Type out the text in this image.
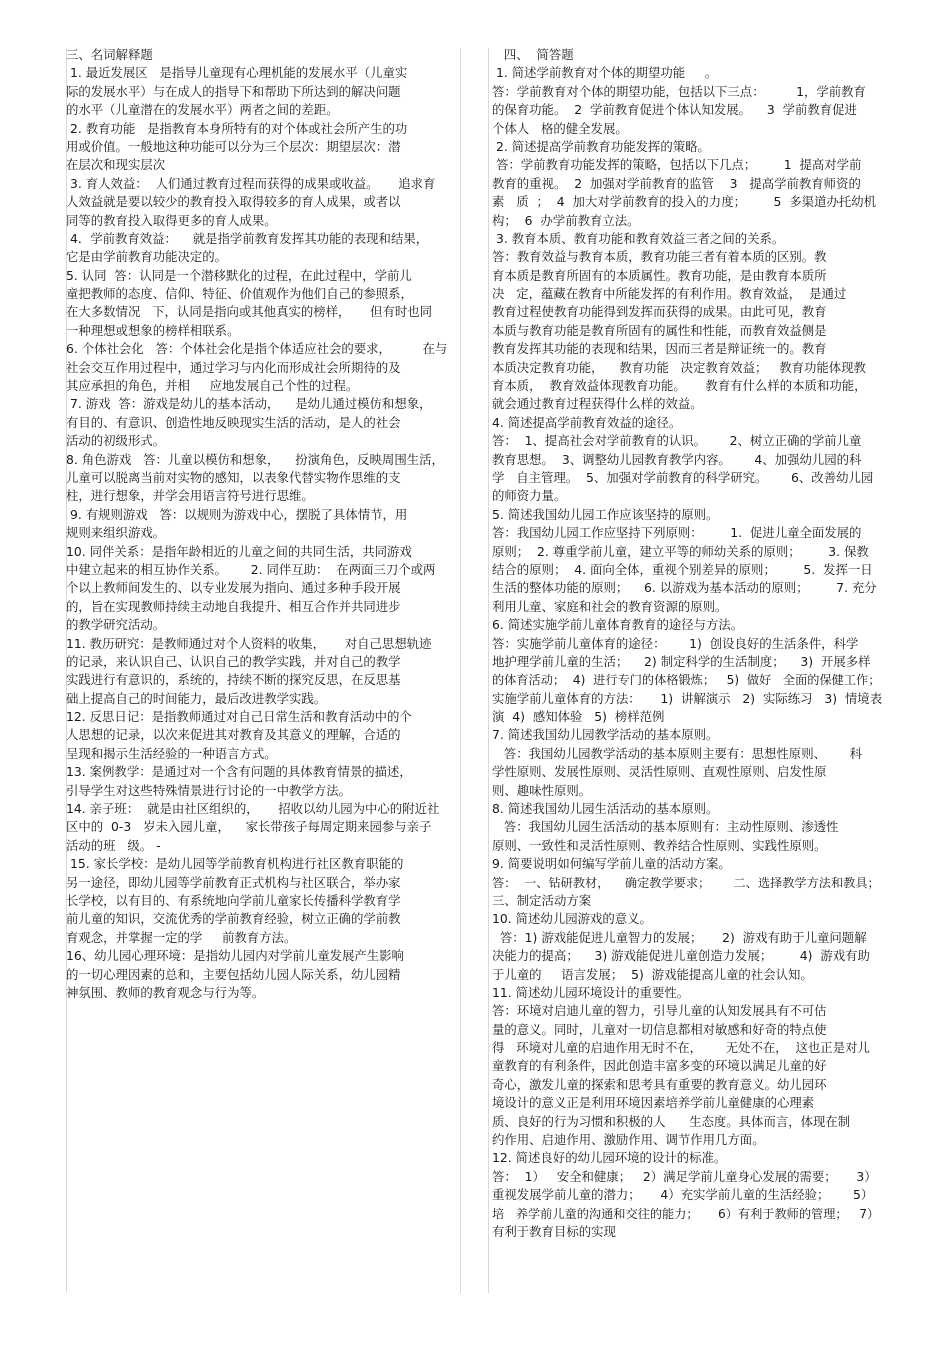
三、名词解释题
1. 最近发展区   是指导儿童现有心理机能的发展水平（儿童实
际的发展水平）与在成人的指导下和帮助下所达到的解决问题
的水平（儿童潜在的发展水平）两者之间的差距。
2. 教育功能   是指教育本身所特有的对个体或社会所产生的功
用或价值。一般地这种功能可以分为三个层次：期望层次：潜
在层次和现实层次
3. 育人效益：  人们通过教育过程而获得的成果或收益。     追求育
人效益就是要以较少的教育投入取得较多的育人成果，或者以
同等的教育投入取得更多的育人成果。
4．学前教育效益：    就是指学前教育发挥其功能的表现和结果，
它是由学前教育功能决定的。
5. 认同  答：认同是一个潜移默化的过程，在此过程中，学前儿
童把教师的态度、信仰、特征、价值观作为他们自己的参照系，
在大多数情况   下，认同是指向或其他真实的榜样，     但有时也同
一种理想或想象的榜样相联系。
6. 个体社会化   答：个体社会化是指个体适应社会的要求，        在与
社会交互作用过程中，通过学习与内化而形成社会所期待的及
其应承担的角色，并相     应地发展自己个性的过程。
7. 游戏  答：游戏是幼儿的基本活动，    是幼儿通过模仿和想象，
有目的、有意识、创造性地反映现实生活的活动，是人的社会
活动的初级形式。
8. 角色游戏   答：儿童以模仿和想象，    扮演角色，反映周围生活，
儿童可以脱离当前对实物的感知，以表象代替实物作思维的支
柱，进行想象，并学会用语言符号进行思维。
9. 有规则游戏   答：以规则为游戏中心，摆脱了具体情节，用
规则来组织游戏。
10. 同伴关系：是指年龄相近的儿童之间的共同生活，共同游戏
中建立起来的相互协作关系。      2. 同伴互助：  在两面三刀个或两
个以上教师间发生的、以专业发展为指向、通过多种手段开展
的，旨在实现教师持续主动地自我提升、相互合作并共同进步
的教学研究活动。
11. 教历研究：是教师通过对个人资料的收集，     对自己思想轨迹
的记录，来认识自己、认识自己的教学实践，并对自己的教学
实践进行有意识的，系统的，持续不断的探究反思，在反思基
础上提高自己的时间能力，最后改进教学实践。
12. 反思日记：是指教师通过对自己日常生活和教育活动中的个
人思想的记录，以次来促进其对教育及其意义的理解，合适的
呈现和揭示生活经验的一种语言方式。
13. 案例教学：是通过对一个含有问题的具体教育情景的描述，
引导学生对这些特殊情景进行讨论的一中教学方法。
14. 亲子班：  就是由社区组织的，     招收以幼儿园为中心的附近社
区中的  0-3   岁未入园儿童，    家长带孩子每周定期来园参与亲子
活动的班   级。 -
15. 家长学校：是幼儿园等学前教育机构进行社区教育职能的
另一途径，即幼儿园等学前教育正式机构与社区联合，举办家
长学校，以有目的、有系统地向学前儿童家长传播科学教育学
前儿童的知识，交流优秀的学前教育经验，树立正确的学前教
育观念，并掌握一定的学     前教育方法。
16、幼儿园心理环境：是指幼儿园内对学前儿童发展产生影响
的一切心理因素的总和，主要包括幼儿园人际关系，幼儿园精
神氛围、教师的教育观念与行为等。
四、  简答题
1. 简述学前教育对个体的期望功能     。
答：学前教育对个体的期望功能，包括以下三点：        1，学前教育
的保育功能。  2  学前教育促进个体认知发展。    3  学前教育促进
个体人   格的健全发展。
2. 简述提高学前教育功能发挥的策略。
答：学前教育功能发挥的策略，包括以下几点；       1  提高对学前
教育的重视。  2  加强对学前教育的监管    3   提高学前教育师资的
素   质  ；  4  加大对学前教育的投入的力度；       5  多渠道办托幼机
构；  6  办学前教育立法。
3. 教育本质、教育功能和教育效益三者之间的关系。
答：教育效益与教育本质，教育功能三者有着本质的区别。教
育本质是教育所固有的本质属性。教育功能，是由教育本质所
决   定，蕴藏在教育中所能发挥的有利作用。教育效益，  是通过
教育过程使教育功能得到发挥而获得的成果。由此可见，教育
本质与教育功能是教育所固有的属性和性能，而教育效益侧是
教育发挥其功能的表现和结果，因而三者是辩证统一的。教育
本质决定教育功能，    教育功能   决定教育效益；   教育功能体现教
育本质，  教育效益体现教育功能。     教育有什么样的本质和功能，
就会通过教育过程获得什么样的效益。
4. 简述提高学前教育效益的途径。
答：  1、提高社会对学前教育的认识。      2、树立正确的学前儿童
教育思想。  3、调整幼儿园教育教学内容。      4、加强幼儿园的科
学   自主管理。  5、加强对学前教育的科学研究。      6、改善幼儿园
的师资力量。
5. 简述我国幼儿园工作应该坚持的原则。
答：我国幼儿园工作应坚持下列原则：       1.  促进儿童全面发展的
原则；  2. 尊重学前儿童，建立平等的师幼关系的原则；       3. 保教
结合的原则；  4. 面向全体，重视个别差异的原则；       5.  发挥一日
生活的整体功能的原则；    6. 以游戏为基本活动的原则；       7. 充分
利用儿童、家庭和社会的教育资源的原则。
6. 简述实施学前儿童体育教育的途径与方法。
答：实施学前儿童体育的途径：      1)  创设良好的生活条件，科学
地护理学前儿童的生活；    2) 制定科学的生活制度；    3)  开展多样
的体育活动；  4)  进行专门的体格锻炼；   5)  做好   全面的保健工作；
实施学前儿童体育的方法：     1)  讲解演示   2)  实际练习   3)  情境表
演  4)  感知体验   5)  榜样范例
7. 简述我国幼儿园教学活动的基本原则。
答：我国幼儿园教学活动的基本原则主要有：思想性原则、      科
学性原则、发展性原则、灵活性原则、直观性原则、启发性原
则、趣味性原则。
8. 简述我国幼儿园生活活动的基本原则。
答：我国幼儿园生活活动的基本原则有：主动性原则、渗透性
原则、一致性和灵活性原则、教养结合性原则、实践性原则。
9. 简要说明如何编写学前儿童的活动方案。
答：  一、钻研教材，    确定教学要求；      二、选择教学方法和教具；
三、制定活动方案
10. 简述幼儿园游戏的意义。
答：1) 游戏能促进儿童智力的发展；     2)  游戏有助于儿童问题解
决能力的提高；    3) 游戏能促进儿童创造力发展；       4)  游戏有助
于儿童的     语言发展；  5)  游戏能提高儿童的社会认知。
11. 简述幼儿园环境设计的重要性。
答：环境对启迪儿童的智力，引导儿童的认知发展具有不可估
量的意义。同时，儿童对一切信息都相对敏感和好奇的特点使
得   环境对儿童的启迪作用无时不在，      无处不在，  这也正是对儿
童教育的有利条件，因此创造丰富多变的环境以满足儿童的好
奇心，激发儿童的探索和思考具有重要的教育意义。幼儿园环
境设计的意义正是利用环境因素培养学前儿童健康的心理素
质、良好的行为习惯和积极的人      生态度。具体而言，体现在制
约作用、启迪作用、激励作用、调节作用几方面。
12. 简述良好的幼儿园环境的设计的标准。
答：  1）   安全和健康；   2）满足学前儿童身心发展的需要；     3）
重视发展学前儿童的潜力；     4）充实学前儿童的生活经验；      5）
培   养学前儿童的沟通和交往的能力；     6）有利于教师的管理；   7）
有利于教育目标的实现
